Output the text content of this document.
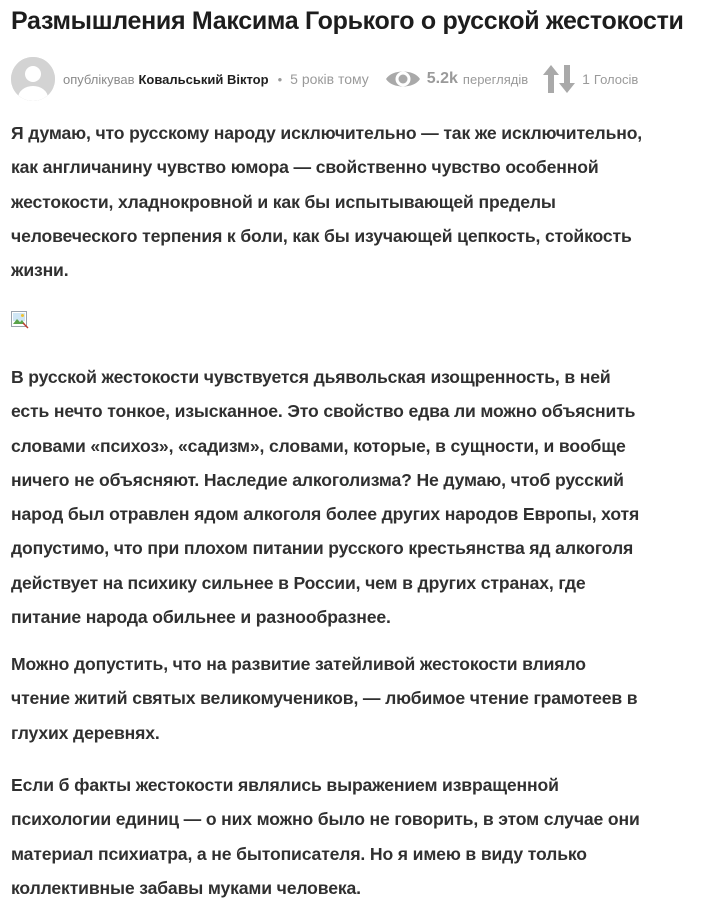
Размышления Максима Горького о русской жестокости
опублікував Ковальський Віктор • 5 років тому	5.2k переглядів	1 Голосів

Я думаю, что русскому народу исключительно — так же исключительно,
как англичанину чувство юмора — свойственно чувство особенной
жестокости, хладнокровной и как бы испытывающей пределы
человеческого терпения к боли, как бы изучающей цепкость, стойкость
жизни.

В русской жестокости чувствуется дьявольская изощренность, в ней
есть нечто тонкое, изысканное. Это свойство едва ли можно объяснить
словами «психоз», «садизм», словами, которые, в сущности, и вообще
ничего не объясняют. Наследие алкоголизма? Не думаю, чтоб русский
народ был отравлен ядом алкоголя более других народов Европы, хотя
допустимо, что при плохом питании русского крестьянства яд алкоголя
действует на психику сильнее в России, чем в других странах, где
питание народа обильнее и разнообразнее.

Можно допустить, что на развитие затейливой жестокости влияло
чтение житий святых великомучеников, — любимое чтение грамотеев в
глухих деревнях.

Если б факты жестокости являлись выражением извращенной
психологии единиц — о них можно было не говорить, в этом случае они
материал психиатра, а не бытописателя. Но я имею в виду только
коллективные забавы муками человека.
